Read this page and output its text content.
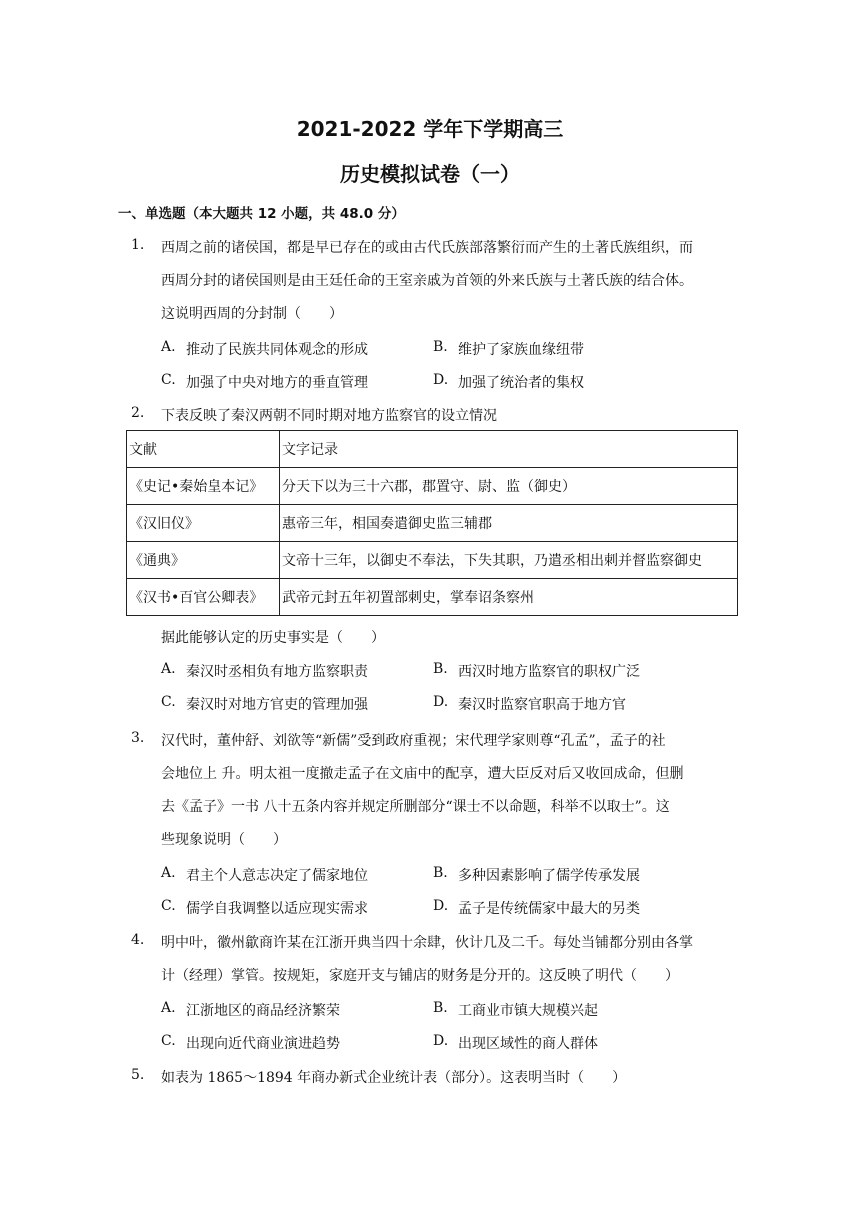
2021-2022 学年下学期高三
历史模拟试卷（一）
一、单选题（本大题共 12 小题，共 48.0 分）
1. 西周之前的诸侯国，都是早已存在的或由古代氏族部落繁衍而产生的土著氏族组织，而
西周分封的诸侯国则是由王廷任命的王室亲戚为首领的外来氏族与土著氏族的结合体。
这说明西周的分封制（　　）
A. 推动了民族共同体观念的形成	B. 维护了家族血缘纽带
C. 加强了中央对地方的垂直管理	D. 加强了统治者的集权
2. 下表反映了秦汉两朝不同时期对地方监察官的设立情况
文献	文字记录
《史记•秦始皇本记》	分天下以为三十六郡，郡置守、尉、监（御史）
《汉旧仪》	惠帝三年，相国奏遣御史监三辅郡
《通典》	文帝十三年，以御史不奉法，下失其职，乃遣丞相出刺并督监察御史
《汉书•百官公卿表》	武帝元封五年初置部刺史，掌奉诏条察州
据此能够认定的历史事实是（　　）
A. 秦汉时丞相负有地方监察职责	B. 西汉时地方监察官的职权广泛
C. 秦汉时对地方官吏的管理加强	D. 秦汉时监察官职高于地方官
3. 汉代时，董仲舒、刘欲等“新儒”受到政府重视；宋代理学家则尊“孔孟”，孟子的社
会地位上 升。明太祖一度撤走孟子在文庙中的配享，遭大臣反对后又收回成命，但删
去《孟子》一书 八十五条内容并规定所删部分“课士不以命题，科举不以取士”。这
些现象说明（　　）
A. 君主个人意志决定了儒家地位	B. 多种因素影响了儒学传承发展
C. 儒学自我调整以适应现实需求	D. 孟子是传统儒家中最大的另类
4. 明中叶，徽州歙商许某在江浙开典当四十余肆，伙计几及二千。每处当铺都分别由各掌
计（经理）掌管。按规矩，家庭开支与铺店的财务是分开的。这反映了明代（　　）
A. 江浙地区的商品经济繁荣	B. 工商业市镇大规模兴起
C. 出现向近代商业演进趋势	D. 出现区域性的商人群体
5. 如表为 1865～1894 年商办新式企业统计表（部分）。这表明当时（　　）
